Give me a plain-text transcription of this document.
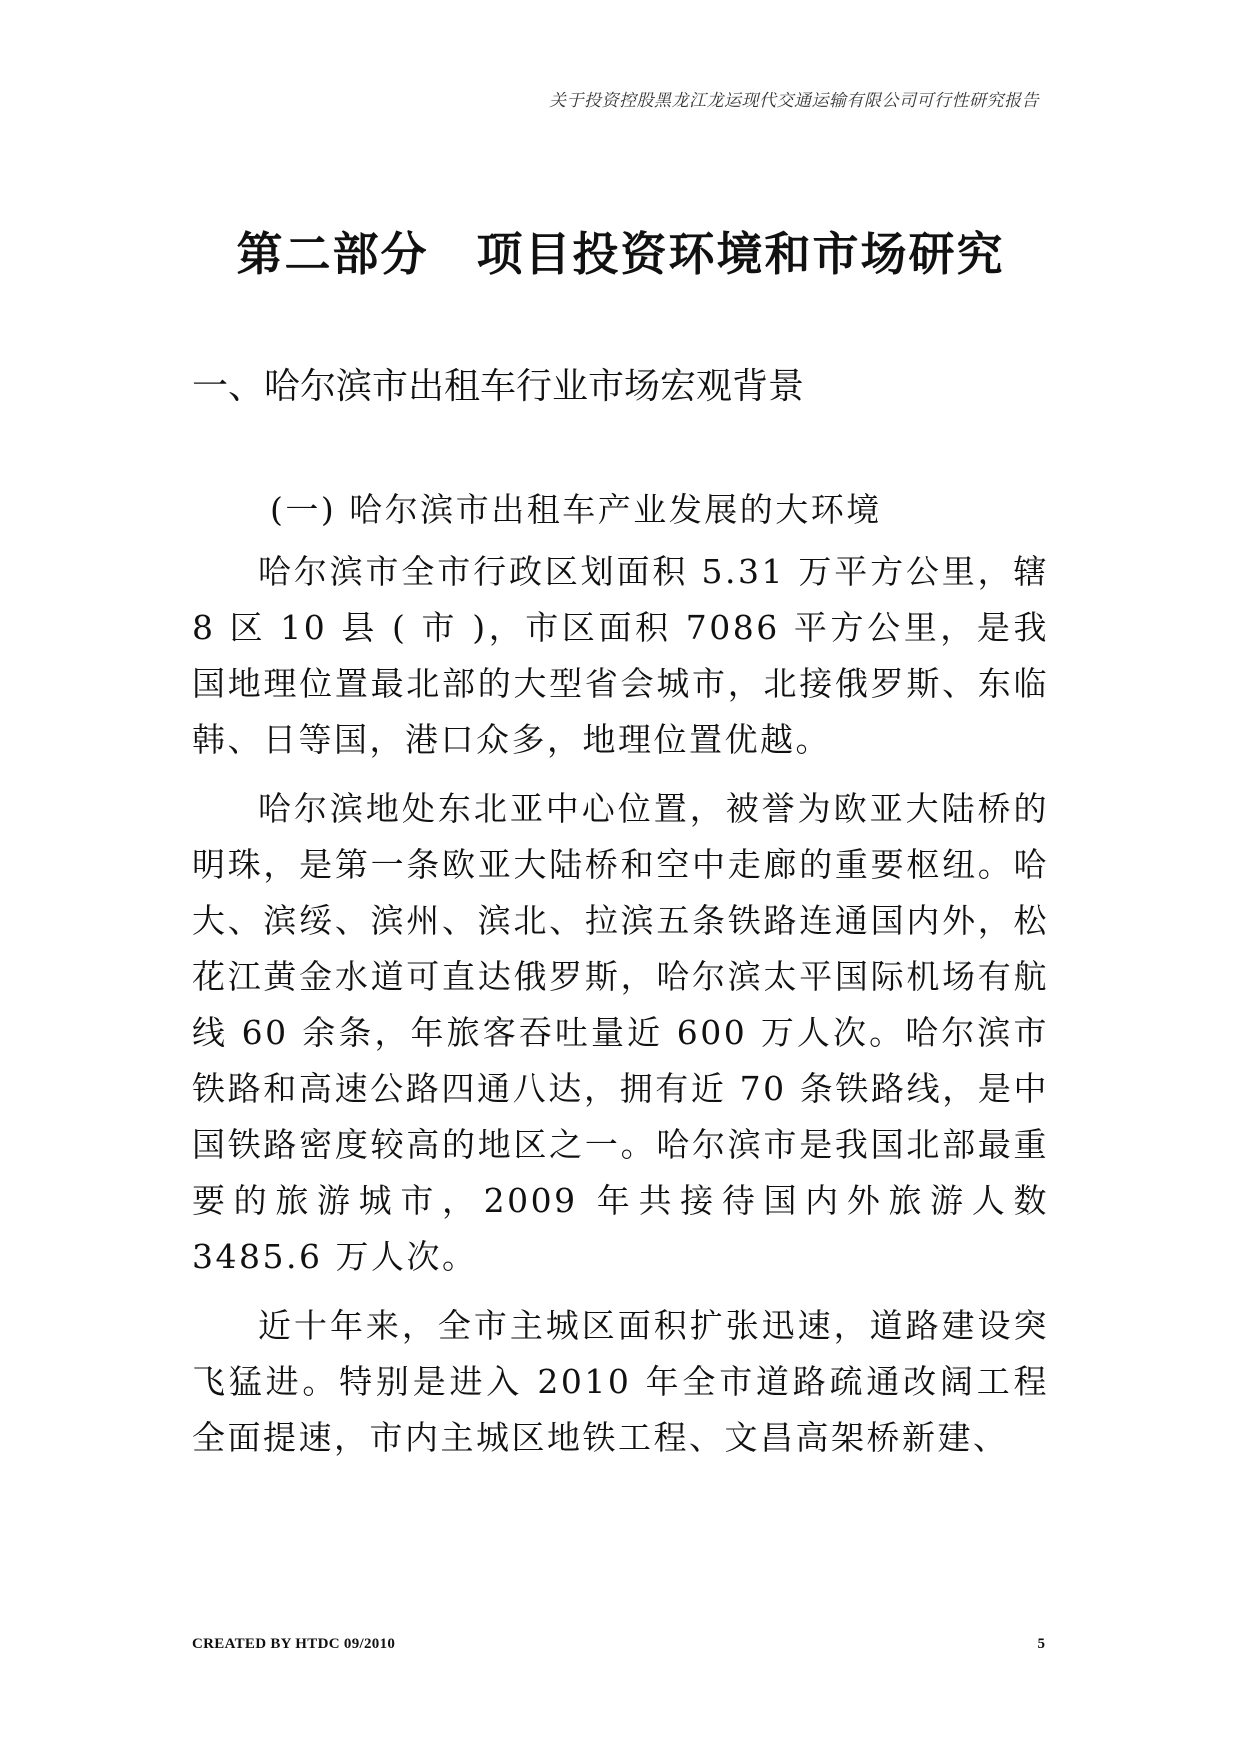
关于投资控股黑龙江龙运现代交通运输有限公司可行性研究报告
第二部分　项目投资环境和市场研究
一、哈尔滨市出租车行业市场宏观背景
(一) 哈尔滨市出租车产业发展的大环境

哈尔滨市全市行政区划面积 5.31 万平方公里，辖 8 区 10 县 ( 市 )，市区面积 7086 平方公里，是我国地理位置最北部的大型省会城市，北接俄罗斯、东临韩、日等国，港口众多，地理位置优越。

哈尔滨地处东北亚中心位置，被誉为欧亚大陆桥的明珠，是第一条欧亚大陆桥和空中走廊的重要枢纽。哈大、滨绥、滨州、滨北、拉滨五条铁路连通国内外，松花江黄金水道可直达俄罗斯，哈尔滨太平国际机场有航线 60 余条，年旅客吞吐量近 600 万人次。哈尔滨市铁路和高速公路四通八达，拥有近 70 条铁路线，是中国铁路密度较高的地区之一。哈尔滨市是我国北部最重要的旅游城市，2009 年共接待国内外旅游人数 3485.6 万人次。

近十年来，全市主城区面积扩张迅速，道路建设突飞猛进。特别是进入 2010 年全市道路疏通改阔工程全面提速，市内主城区地铁工程、文昌高架桥新建、

CREATED BY HTDC 09/2010	5
